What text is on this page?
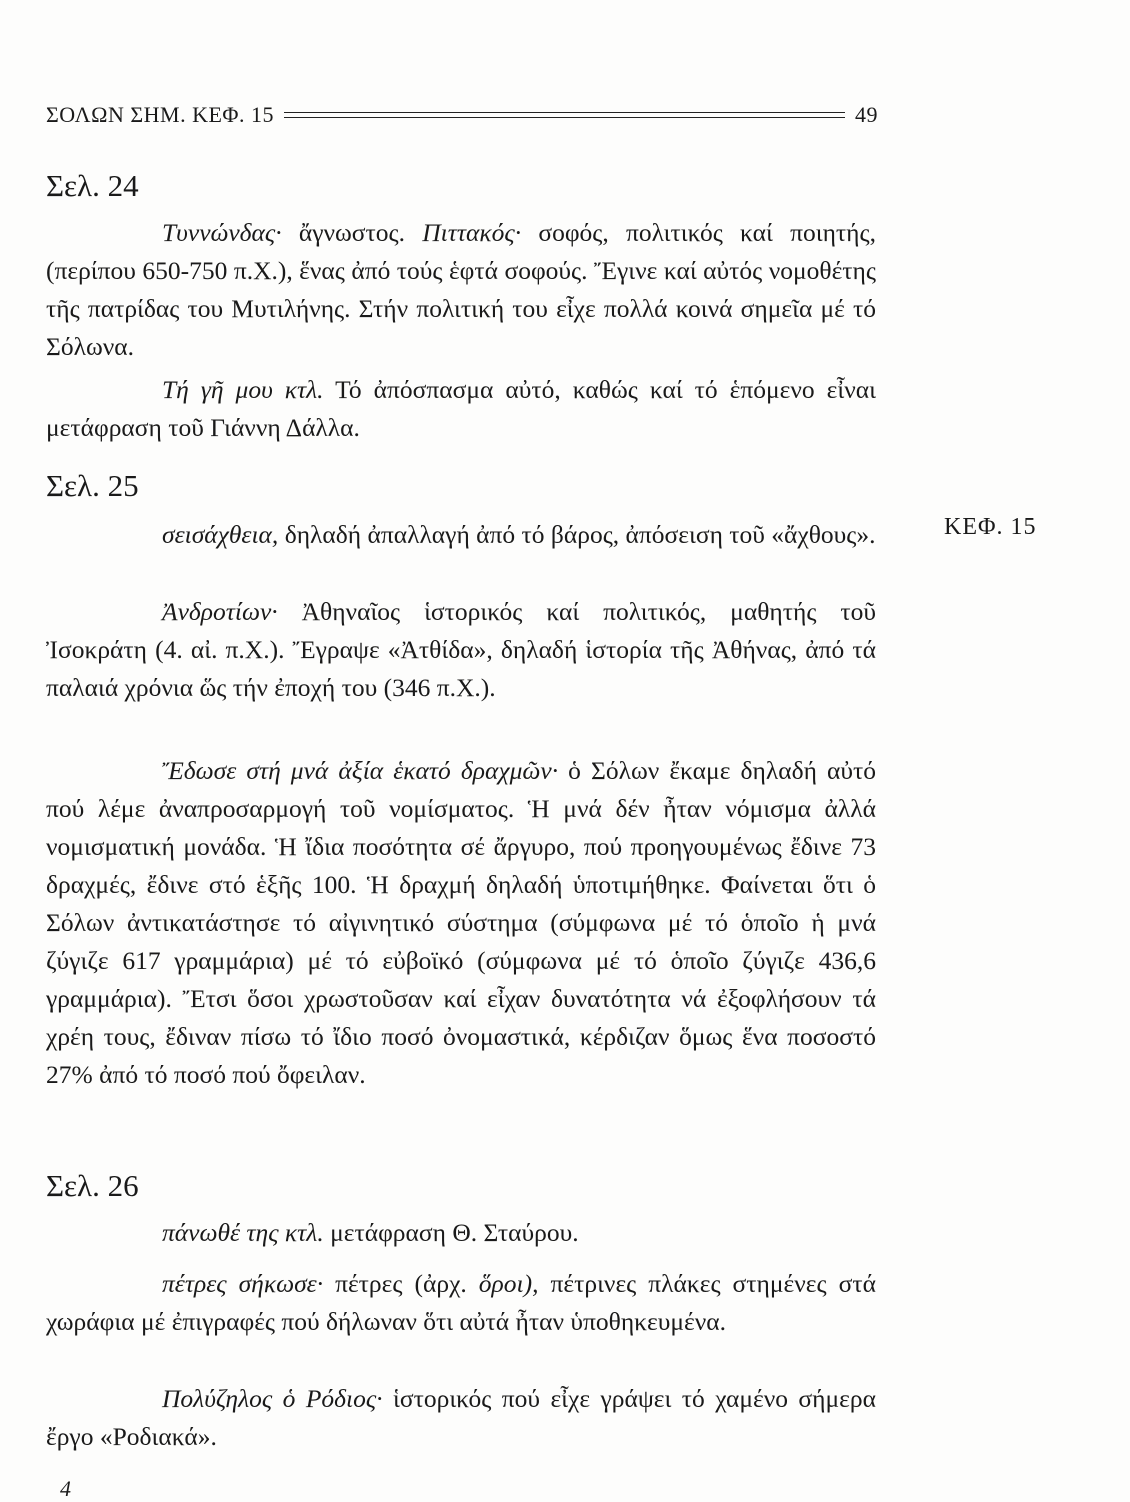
ΣΟΛΩΝ ΣΗΜ. ΚΕΦ. 15	49
Σελ. 24

Τυννώνδας· ἄγνωστος. Πιττακός· σοφός, πολιτικός καί ποιητής, (περίπου 650-750 π.Χ.), ἕνας ἀπό τούς ἑφτά σοφούς. Ἔγινε καί αὐτός νομοθέτης τῆς πατρίδας του Μυτιλήνης. Στήν πολιτική του εἶχε πολλά κοινά σημεῖα μέ τό Σόλωνα.

Τή γῆ μου κτλ. Τό ἀπόσπασμα αὐτό, καθώς καί τό ἑπόμενο εἶναι μετάφραση τοῦ Γιάννη Δάλλα.

Σελ. 25

σεισάχθεια, δηλαδή ἀπαλλαγή ἀπό τό βάρος, ἀπόσειση τοῦ «ἄχθους».	ΚΕΦ. 15

Ἀνδροτίων· Ἀθηναῖος ἱστορικός καί πολιτικός, μαθητής τοῦ Ἰσοκράτη (4. αἰ. π.Χ.). Ἔγραψε «Ἀτθίδα», δηλαδή ἱστορία τῆς Ἀθήνας, ἀπό τά παλαιά χρόνια ὥς τήν ἐποχή του (346 π.Χ.).

Ἔδωσε στή μνά ἀξία ἑκατό δραχμῶν· ὁ Σόλων ἔκαμε δηλαδή αὐτό πού λέμε ἀναπροσαρμογή τοῦ νομίσματος. Ἡ μνά δέν ἦταν νόμισμα ἀλλά νομισματική μονάδα. Ἡ ἴδια ποσότητα σέ ἄργυρο, πού προηγουμένως ἔδινε 73 δραχμές, ἔδινε στό ἑξῆς 100. Ἡ δραχμή δηλαδή ὑποτιμήθηκε. Φαίνεται ὅτι ὁ Σόλων ἀντικατάστησε τό αἰγινητικό σύστημα (σύμφωνα μέ τό ὁποῖο ἡ μνά ζύγιζε 617 γραμμάρια) μέ τό εὐβοϊκό (σύμφωνα μέ τό ὁποῖο ζύγιζε 436,6 γραμμάρια). Ἔτσι ὅσοι χρωστοῦσαν καί εἶχαν δυνατότητα νά ἐξοφλήσουν τά χρέη τους, ἔδιναν πίσω τό ἴδιο ποσό ὀνομαστικά, κέρδιζαν ὅμως ἕνα ποσοστό 27% ἀπό τό ποσό πού ὄφειλαν.

Σελ. 26

πάνωθέ της κτλ. μετάφραση Θ. Σταύρου.

πέτρες σήκωσε· πέτρες (ἀρχ. ὅροι), πέτρινες πλάκες στημένες στά χωράφια μέ ἐπιγραφές πού δήλωναν ὅτι αὐτά ἦταν ὑποθηκευμένα.

Πολύζηλος ὁ Ρόδιος· ἱστορικός πού εἶχε γράψει τό χαμένο σήμερα ἔργο «Ροδιακά».

4
